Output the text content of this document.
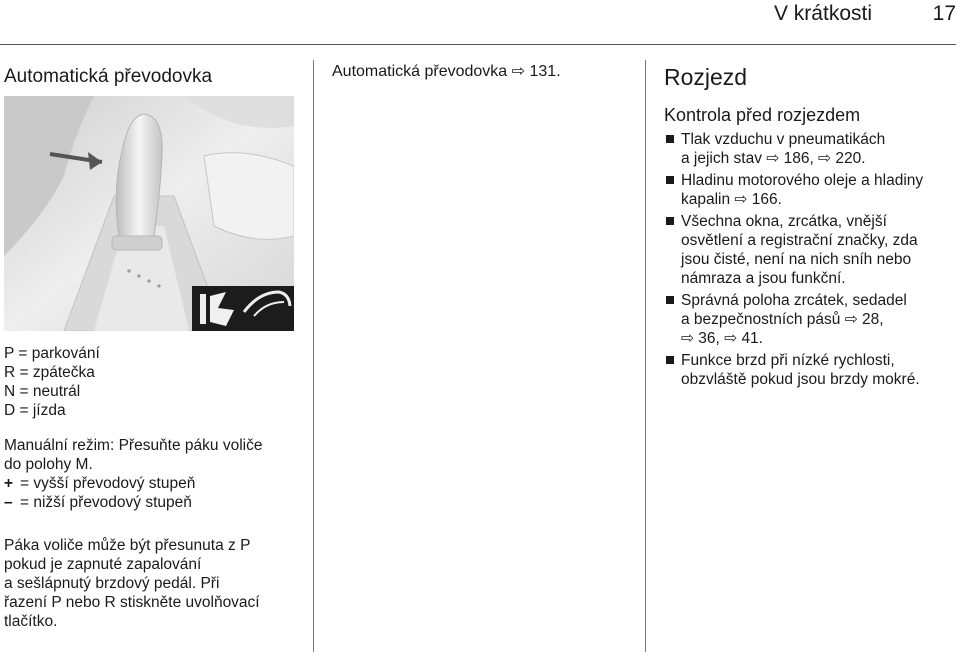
V krátkosti	17
Automatická převodovka

P = parkování

R = zpátečka

N = neutrál

D = jízda

Manuální režim: Přesuňte páku voliče

do polohy M.

+ = vyšší převodový stupeň

– = nižší převodový stupeň

Páka voliče může být přesunuta z P

pokud je zapnuté zapalování

a sešlápnutý brzdový pedál. Při

řazení P nebo R stiskněte uvolňovací

tlačítko.

Automatická převodovka ⇨ 131.	Rozjezd
Kontrola před rozjezdem
Tlak vzduchu v pneumatikách
a jejich stav ⇨ 186, ⇨ 220.
Hladinu motorového oleje a hladiny
kapalin ⇨ 166.
Všechna okna, zrcátka, vnější
osvětlení a registrační značky, zda
jsou čisté, není na nich sníh nebo
námraza a jsou funkční.
Správná poloha zrcátek, sedadel
a bezpečnostních pásů ⇨ 28,
⇨ 36, ⇨ 41.
Funkce brzd při nízké rychlosti,
obzvláště pokud jsou brzdy mokré.
